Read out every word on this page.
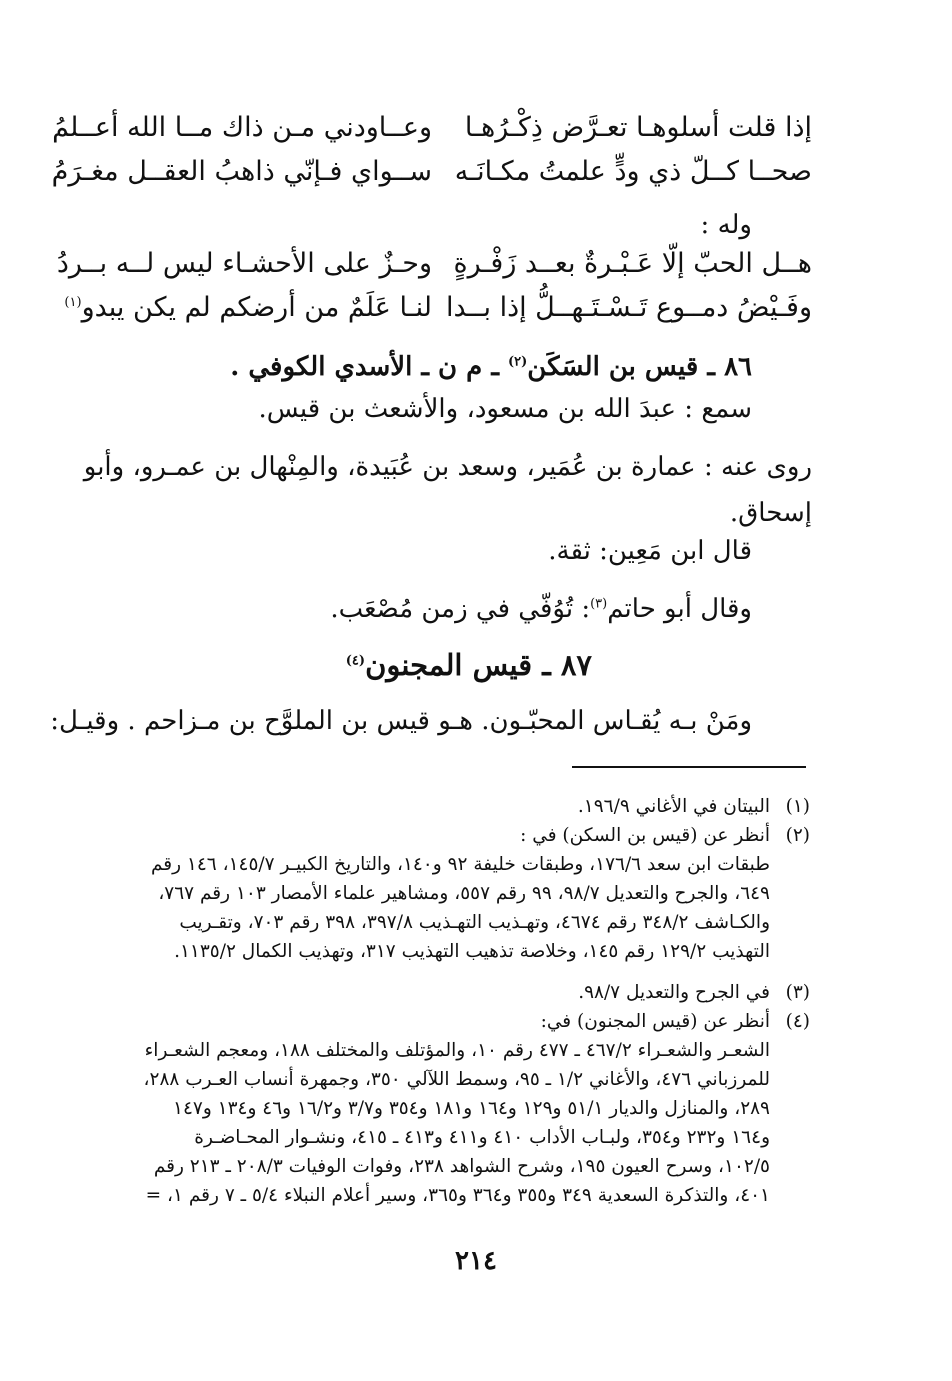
إذا قلت أسلوهـا تعـرَّض ذِكْـرُهـا
وعــاودني مـن ذاك مــا الله أعــلمُ
صحــا كــلّ ذي ودٍّ علمتُ مكـانَـه
ســواي فـإنّي ذاهبُ العقــل مغـرَمُ
وله :
هــل الحبّ إلّا عَـبْـرةٌ بعــد زَفْـرةٍ
وحـزٌ على الأحشـاء ليس لــه بــردُ
وفَـيْضُ دمــوع تَـسْـتَـهــلُّ إذا بــدا
لنـا عَلَمٌ من أرضكم لم يكن يبدو$^{(١)}$
٨٦ ـ قيس بن السَكَن$^{(٢)}$ ـ م ن ـ الأسدي الكوفي .
سمع : عبدَ الله بن مسعود، والأشعث بن قيس.
روى عنه : عمارة بن عُمَير، وسعد بن عُبَيدة، والمِنْهال بن عمـرو، وأبو
إسحاق.
قال ابن مَعِين: ثقة.
وقال أبو حاتم$^{(٣)}$: تُوُفّي في زمن مُصْعَب.
٨٧ ـ قيس المجنون$^{(٤)}$
ومَنْ بـه يُقـاس المحبّـون. هـو قيس بن الملوَّح بن مـزاحم . وقيـل:
(١)البيتان في الأغاني ١٩٦/٩.
(٢)أنظر عن (قيس بن السكن) في :
طبقات ابن سعد ١٧٦/٦، وطبقات خليفة ٩٢ و١٤٠، والتاريخ الكبيـر ١٤٥/٧، ١٤٦ رقم
٦٤٩، والجرح والتعديل ٩٨/٧، ٩٩ رقم ٥٥٧، ومشاهير علماء الأمصار ١٠٣ رقم ٧٦٧،
والكـاشف ٣٤٨/٢ رقم ٤٦٧٤، وتهـذيب التهـذيب ٣٩٧/٨، ٣٩٨ رقم ٧٠٣، وتقـريب
التهذيب ١٢٩/٢ رقم ١٤٥، وخلاصة تذهيب التهذيب ٣١٧، وتهذيب الكمال ١١٣٥/٢.
(٣)في الجرح والتعديل ٩٨/٧.
(٤)أنظر عن (قيس المجنون) في:
الشعـر والشعـراء ٤٦٧/٢ ـ ٤٧٧ رقم ١٠، والمؤتلف والمختلف ١٨٨، ومعجم الشعـراء
للمرزباني ٤٧٦، والأغاني ١/٢ ـ ٩٥، وسمط اللآلي ٣٥٠، وجمهرة أنساب العـرب ٢٨٨،
٢٨٩، والمنازل والديار ٥١/١ و١٢٩ و١٦٤ و١٨١ و٣٥٤ و٣/٧ و١٦/٢ و٤٦ و١٣٤ و١٤٧
و١٦٤ و٢٣٢ و٣٥٤، ولبـاب الأداب ٤١٠ و٤١١ و٤١٣ ـ ٤١٥، ونشـوار المحـاضـرة
١٠٢/٥، وسرح العيون ١٩٥، وشرح الشواهد ٢٣٨، وفوات الوفيات ٢٠٨/٣ ـ ٢١٣ رقم
٤٠١، والتذكرة السعدية ٣٤٩ و٣٥٥ و٣٦٤ و٣٦٥، وسير أعلام النبلاء ٥/٤ ـ ٧ رقم ١، =
٢١٤
